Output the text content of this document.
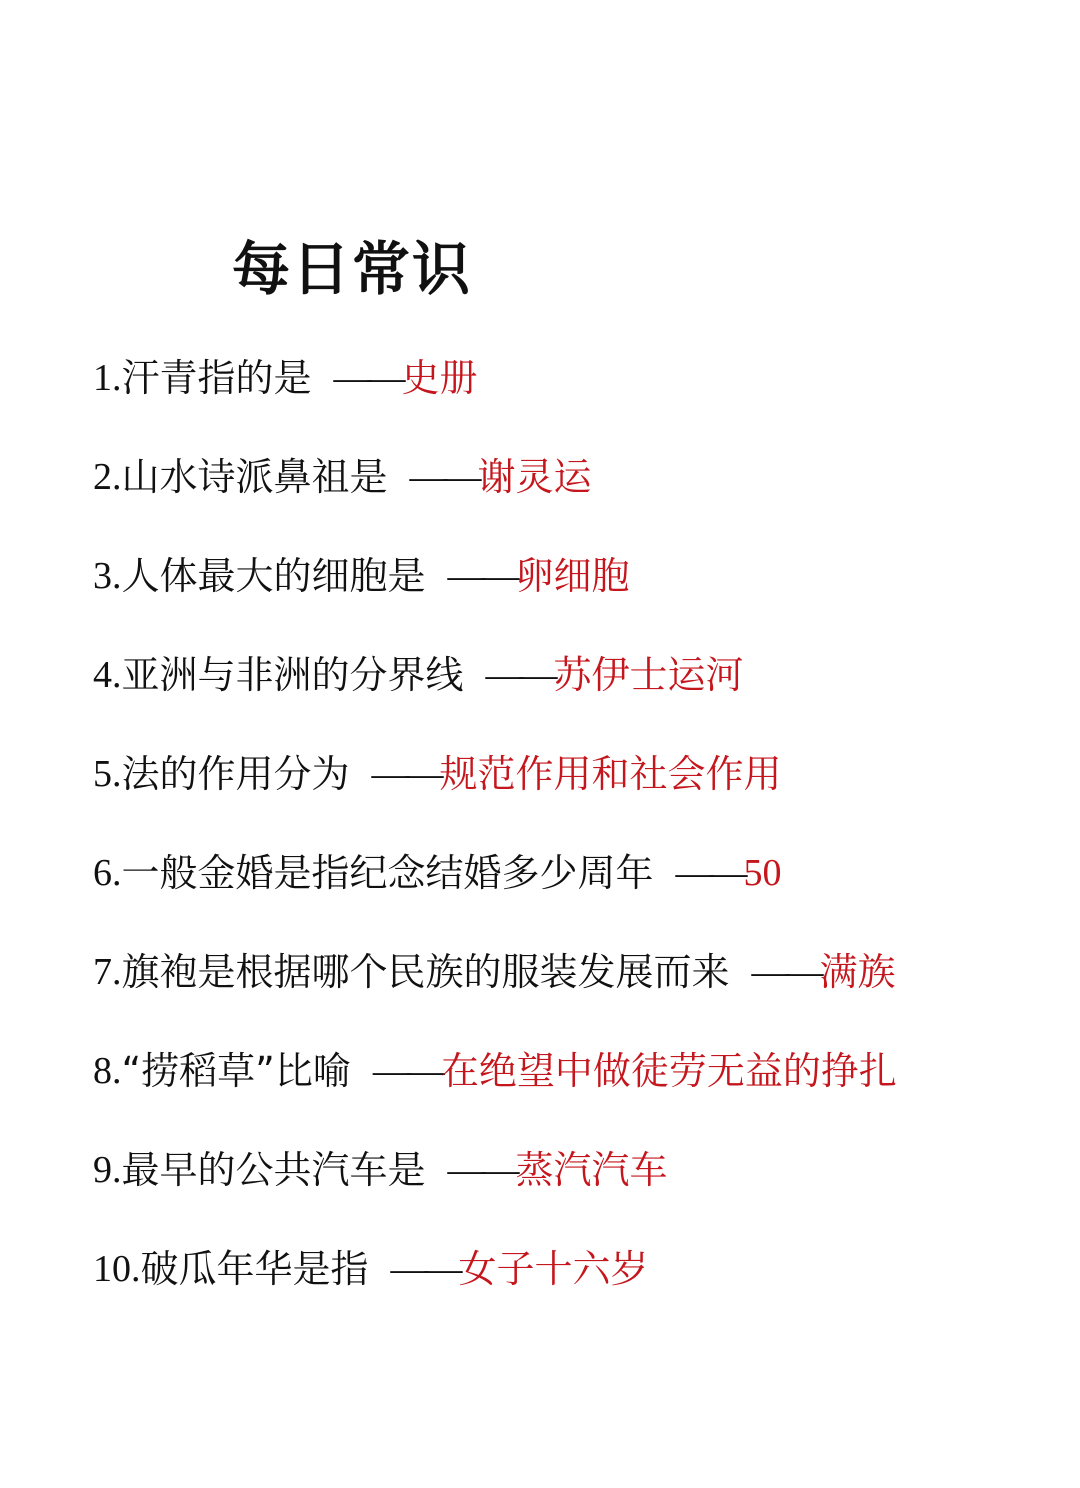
每日常识
1. 汗青指的是 —— 史册
2. 山水诗派鼻祖是 —— 谢灵运
3. 人体最大的细胞是 —— 卵细胞
4. 亚洲与非洲的分界线 —— 苏伊士运河
5. 法的作用分为 —— 规范作用和社会作用
6. 一般金婚是指纪念结婚多少周年 —— 50
7. 旗袍是根据哪个民族的服装发展而来 —— 满族
8. “捞稻草”比喻 —— 在绝望中做徒劳无益的挣扎
9. 最早的公共汽车是 —— 蒸汽汽车
10. 破瓜年华是指 —— 女子十六岁
